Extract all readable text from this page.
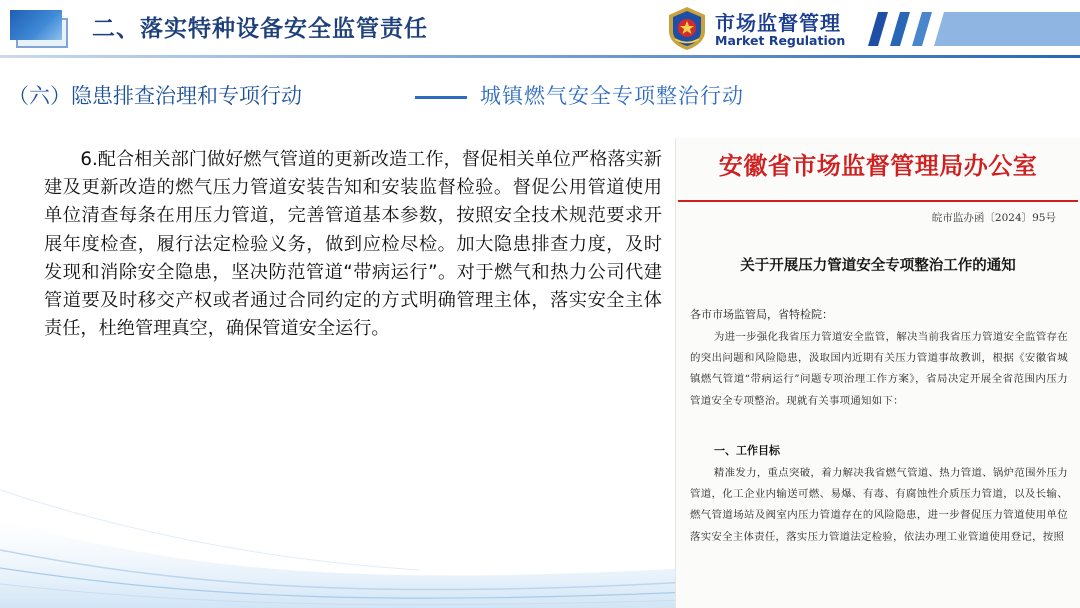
二、落实特种设备安全监管责任	市场监督管理
Market Regulation
（六）隐患排查治理和专项行动	城镇燃气安全专项整治行动
6.配合相关部门做好燃气管道的更新改造工作，督促相关单位严格落实新建及更新改造的燃气压力管道安装告知和安装监督检验。督促公用管道使用单位清查每条在用压力管道，完善管道基本参数，按照安全技术规范要求开展年度检查，履行法定检验义务，做到应检尽检。加大隐患排查力度，及时发现和消除安全隐患，坚决防范管道“带病运行”。对于燃气和热力公司代建管道要及时移交产权或者通过合同约定的方式明确管理主体，落实安全主体责任，杜绝管理真空，确保管道安全运行。
安徽省市场监督管理局办公室
皖市监办函〔2024〕95号
关于开展压力管道安全专项整治工作的通知
各市市场监管局，省特检院：
为进一步强化我省压力管道安全监管，解决当前我省压力管道安全监管存在的突出问题和风险隐患，汲取国内近期有关压力管道事故教训，根据《安徽省城镇燃气管道“带病运行”问题专项治理工作方案》，省局决定开展全省范围内压力管道安全专项整治。现就有关事项通知如下：
一、工作目标
精准发力，重点突破，着力解决我省燃气管道、热力管道、锅炉范围外压力管道，化工企业内输送可燃、易爆、有毒、有腐蚀性介质压力管道，以及长输、燃气管道场站及阀室内压力管道存在的风险隐患，进一步督促压力管道使用单位落实安全主体责任，落实压力管道法定检验，依法办理工业管道使用登记，按照
